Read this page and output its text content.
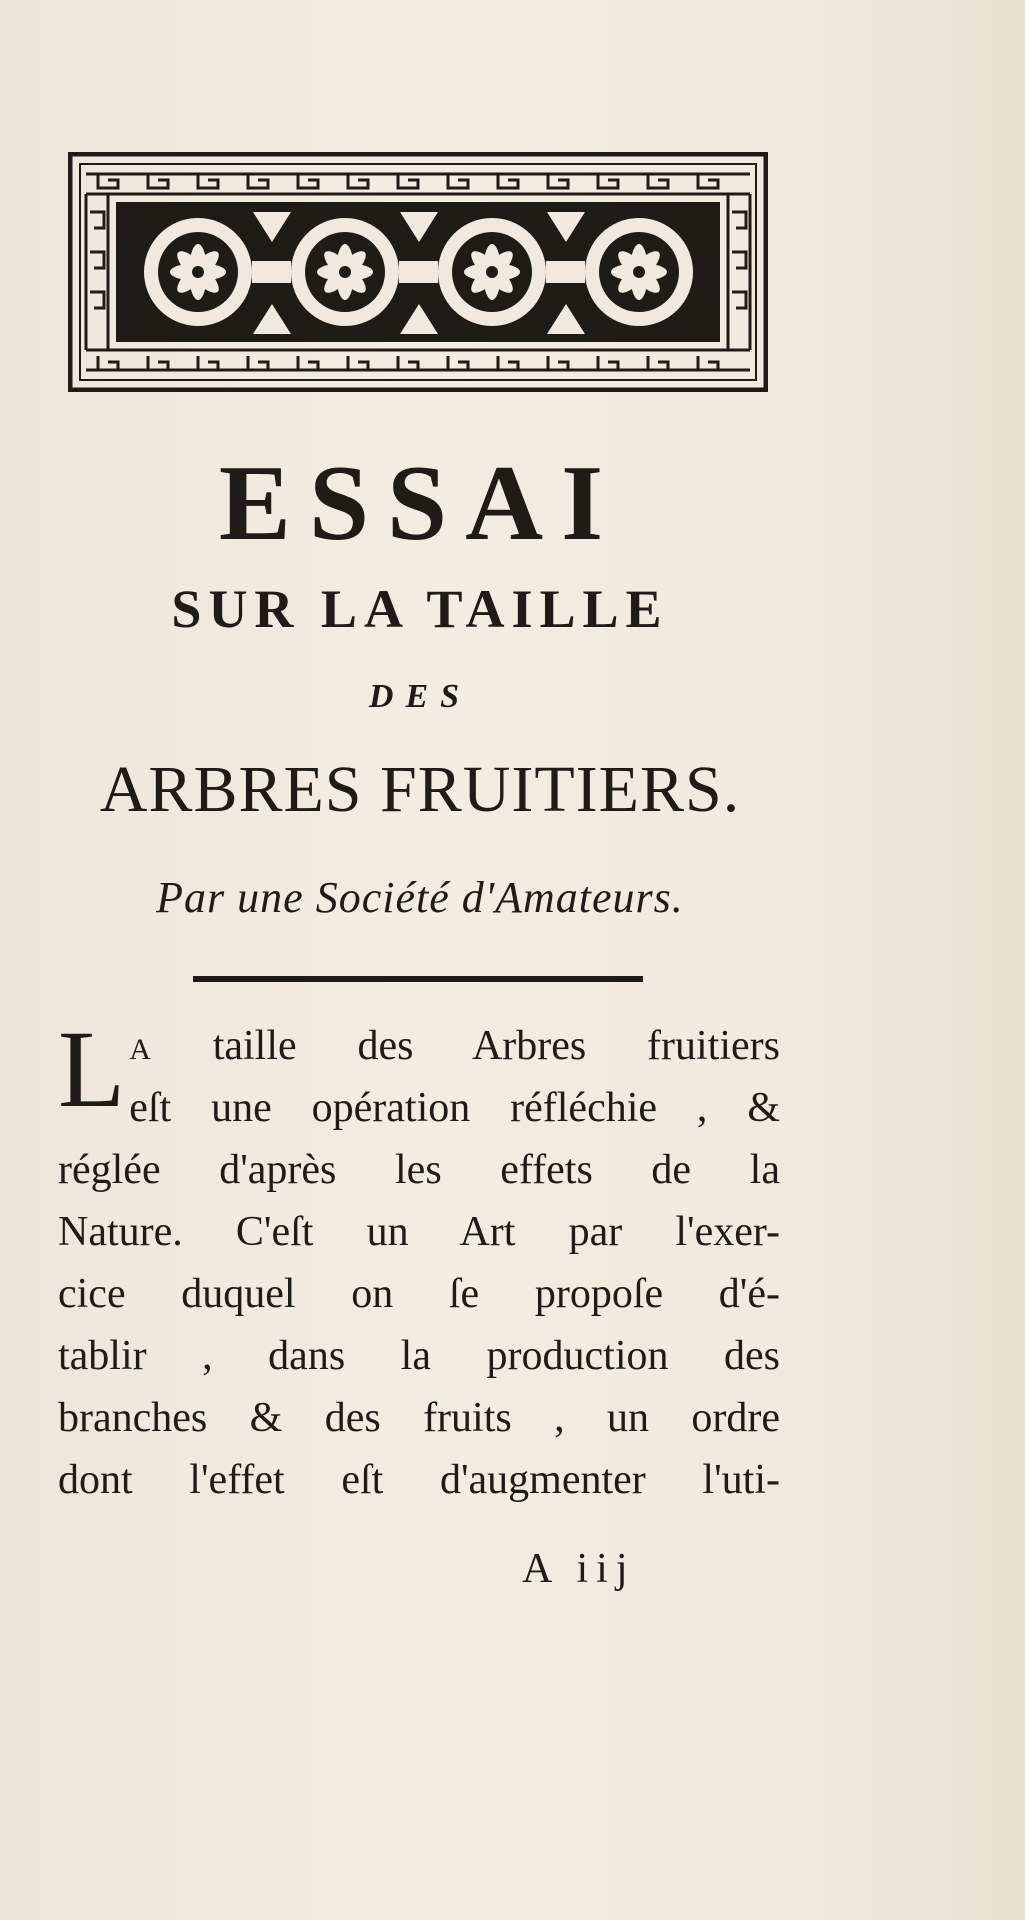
ESSAI
SUR LA TAILLE
DES
ARBRES FRUITIERS.
Par une Société d'Amateurs.
L A taille des Arbres fruitiers
eſt une opération réfléchie , &
réglée d'après les effets de la
Nature. C'eſt un Art par l'exer-
cice duquel on ſe propoſe d'é-
tablir , dans la production des
branches & des fruits , un ordre
dont l'effet eſt d'augmenter l'uti-
A iij
